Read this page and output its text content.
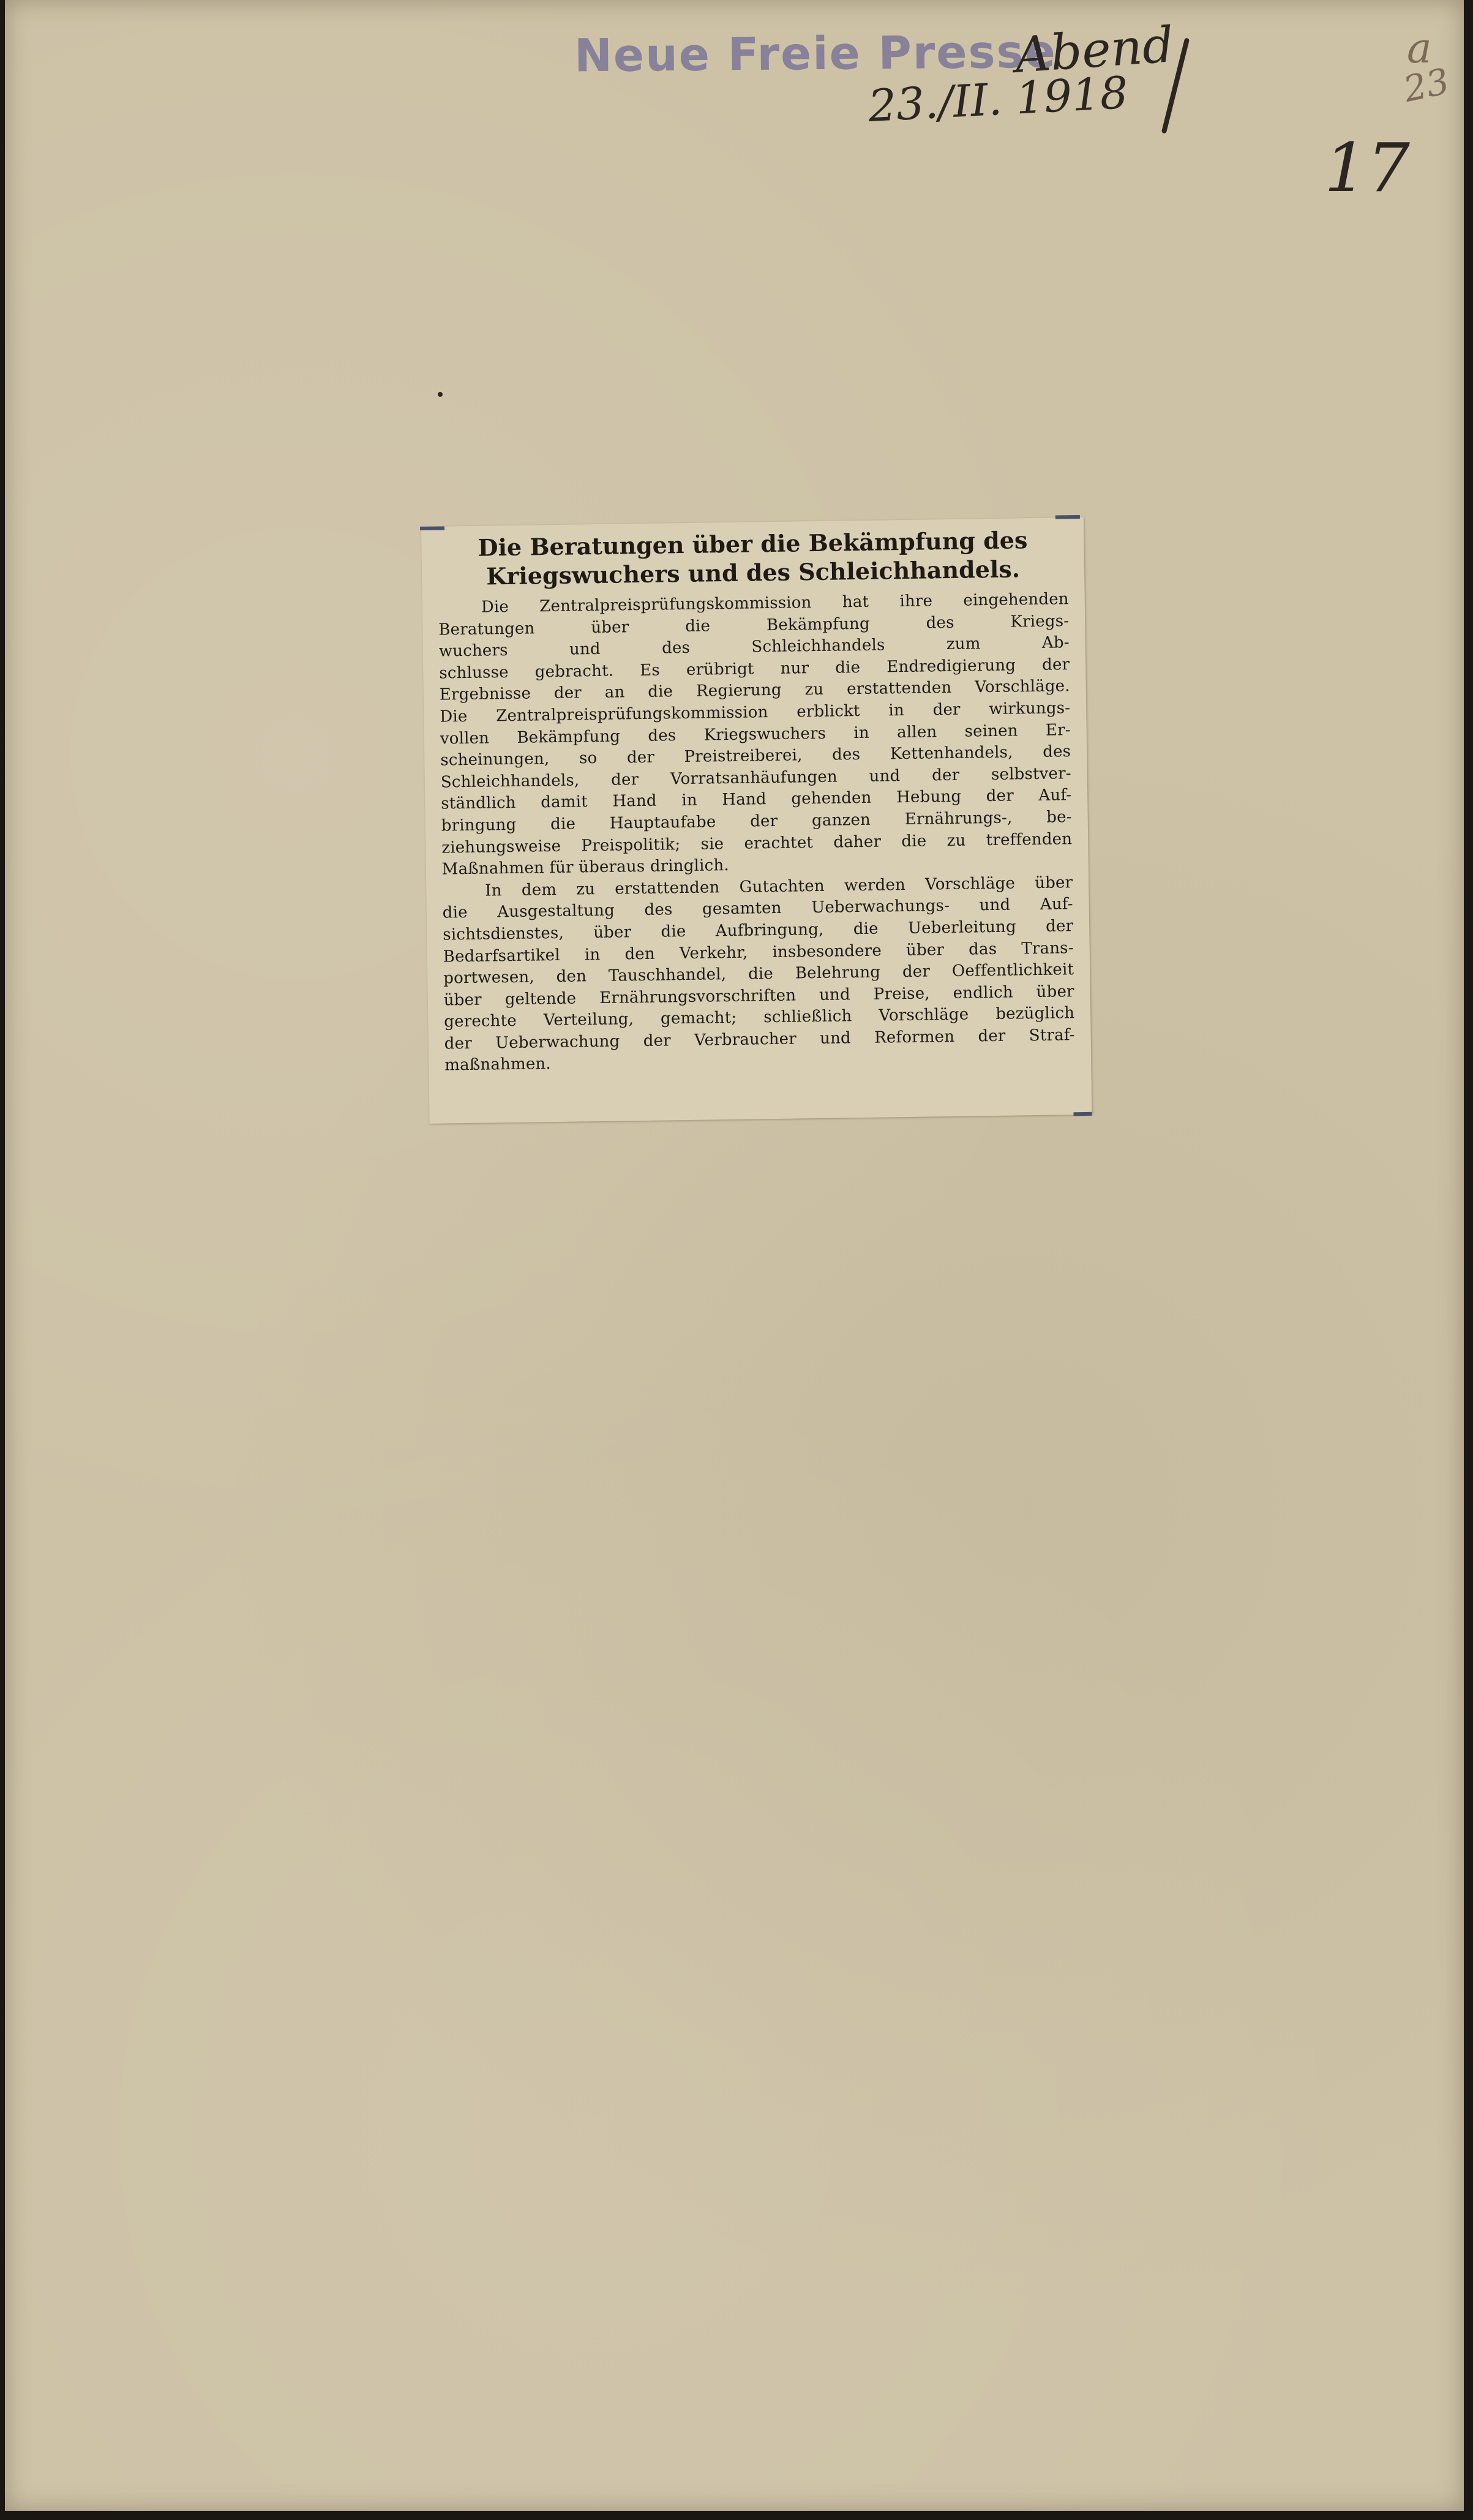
Neue Freie Presse
Abend
23./II. 1918
a
23
17
Die Beratungen über die Bekämpfung des
Kriegswuchers und des Schleichhandels.
Die Zentralpreisprüfungskommission hat ihre eingehenden
Beratungen über die Bekämpfung des Kriegs-
wuchers und des Schleichhandels zum Ab-
schlusse gebracht. Es erübrigt nur die Endredigierung der
Ergebnisse der an die Regierung zu erstattenden Vorschläge.
Die Zentralpreisprüfungskommission erblickt in der wirkungs-
vollen Bekämpfung des Kriegswuchers in allen seinen Er-
scheinungen, so der Preistreiberei, des Kettenhandels, des
Schleichhandels, der Vorratsanhäufungen und der selbstver-
ständlich damit Hand in Hand gehenden Hebung der Auf-
bringung die Hauptaufabe der ganzen Ernährungs-, be-
ziehungsweise Preispolitik; sie erachtet daher die zu treffenden
Maßnahmen für überaus dringlich.
In dem zu erstattenden Gutachten werden Vorschläge über
die Ausgestaltung des gesamten Ueberwachungs- und Auf-
sichtsdienstes, über die Aufbringung, die Ueberleitung der
Bedarfsartikel in den Verkehr, insbesondere über das Trans-
portwesen, den Tauschhandel, die Belehrung der Oeffentlichkeit
über geltende Ernährungsvorschriften und Preise, endlich über
gerechte Verteilung, gemacht; schließlich Vorschläge bezüglich
der Ueberwachung der Verbraucher und Reformen der Straf-
maßnahmen.
